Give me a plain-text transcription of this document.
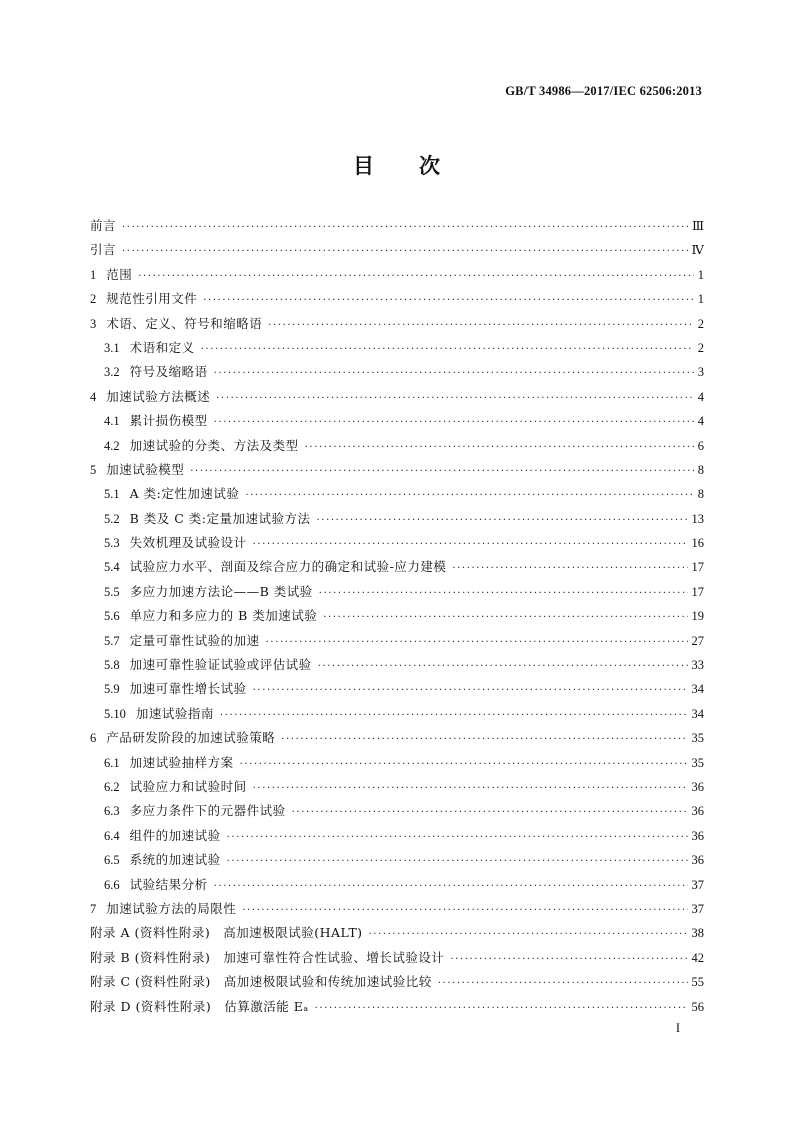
GB/T 34986—2017/IEC 62506:2013
目 次
前言 ·····	Ⅲ
引言 ·····	Ⅳ
1 范围 ·····	1
2 规范性引用文件 ·····	1
3 术语、定义、符号和缩略语 ·····	2
3.1 术语和定义 ·····	2
3.2 符号及缩略语 ·····	3
4 加速试验方法概述 ·····	4
4.1 累计损伤模型 ·····	4
4.2 加速试验的分类、方法及类型 ·····	6
5 加速试验模型 ·····	8
5.1 A 类:定性加速试验 ·····	8
5.2 B 类及 C 类:定量加速试验方法 ·····	13
5.3 失效机理及试验设计 ·····	16
5.4 试验应力水平、剖面及综合应力的确定和试验-应力建模 ·····	17
5.5 多应力加速方法论——B 类试验 ·····	17
5.6 单应力和多应力的 B 类加速试验 ·····	19
5.7 定量可靠性试验的加速 ·····	27
5.8 加速可靠性验证试验或评估试验 ·····	33
5.9 加速可靠性增长试验 ·····	34
5.10 加速试验指南 ·····	34
6 产品研发阶段的加速试验策略 ·····	35
6.1 加速试验抽样方案 ·····	35
6.2 试验应力和试验时间 ·····	36
6.3 多应力条件下的元器件试验 ·····	36
6.4 组件的加速试验 ·····	36
6.5 系统的加速试验 ·····	36
6.6 试验结果分析 ·····	37
7 加速试验方法的局限性 ·····	37
附录 A (资料性附录)　高加速极限试验(HALT) ·····	38
附录 B (资料性附录)　加速可靠性符合性试验、增长试验设计 ·····	42
附录 C (资料性附录)　高加速极限试验和传统加速试验比较 ·····	55
附录 D (资料性附录)　估算激活能 Eₐ ·····	56
I
